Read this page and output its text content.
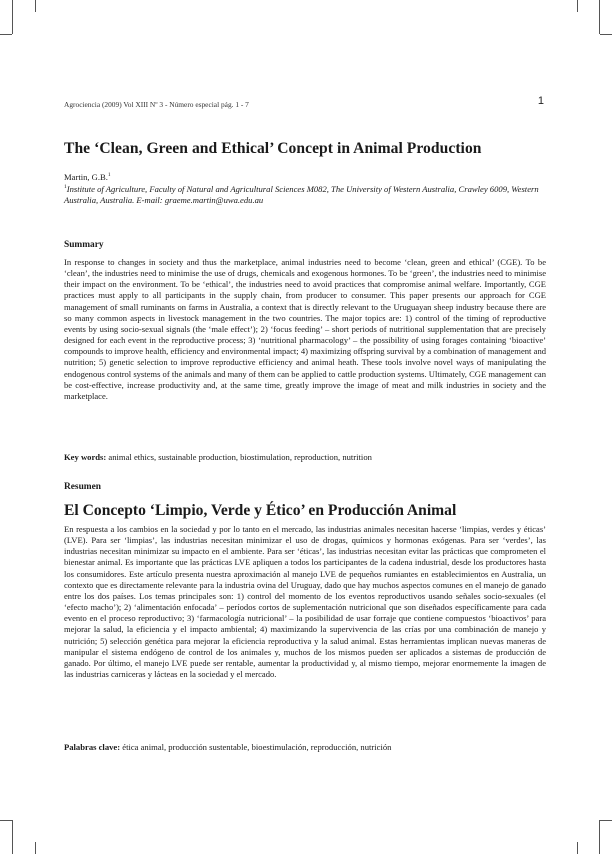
Agrociencia (2009) Vol XIII Nº 3 - Número especial pág. 1 - 7	1
The ‘Clean, Green and Ethical’ Concept in Animal Production
Martin, G.B.$^1$
$^1$Institute of Agriculture, Faculty of Natural and Agricultural Sciences M082, The University of Western Australia, Crawley 6009, Western Australia, Australia. E-mail: graeme.martin@uwa.edu.au
Summary

In response to changes in society and thus the marketplace, animal industries need to become ‘clean, green and ethical’ (CGE). To be ‘clean’, the industries need to minimise the use of drugs, chemicals and exogenous hormones. To be ‘green’, the industries need to minimise their impact on the environment. To be ‘ethical’, the industries need to avoid practices that compromise animal welfare. Importantly, CGE practices must apply to all participants in the supply chain, from producer to consumer. This paper presents our approach for CGE management of small ruminants on farms in Australia, a context that is directly relevant to the Uruguayan sheep industry because there are so many common aspects in livestock management in the two countries. The major topics are: 1) control of the timing of reproductive events by using socio-sexual signals (the ‘male effect’); 2) ‘focus feeding’ – short periods of nutritional supplementation that are precisely designed for each event in the reproductive process; 3) ‘nutritional pharmacology’ – the possibility of using forages containing ‘bioactive’ compounds to improve health, efficiency and environmental impact; 4) maximizing offspring survival by a combination of management and nutrition; 5) genetic selection to improve reproductive efficiency and animal heath. These tools involve novel ways of manipulating the endogenous control systems of the animals and many of them can be applied to cattle production systems. Ultimately, CGE management can be cost-effective, increase productivity and, at the same time, greatly improve the image of meat and milk industries in society and the marketplace.

Key words: animal ethics, sustainable production, biostimulation, reproduction, nutrition

Resumen
El Concepto ‘Limpio, Verde y Ético’ en Producción Animal

En respuesta a los cambios en la sociedad y por lo tanto en el mercado, las industrias animales necesitan hacerse ‘limpias, verdes y éticas’ (LVE). Para ser ‘limpias’, las industrias necesitan minimizar el uso de drogas, químicos y hormonas exógenas. Para ser ‘verdes’, las industrias necesitan minimizar su impacto en el ambiente. Para ser ‘éticas’, las industrias necesitan evitar las prácticas que comprometen el bienestar animal. Es importante que las prácticas LVE apliquen a todos los participantes de la cadena industrial, desde los productores hasta los consumidores. Este artículo presenta nuestra aproximación al manejo LVE de pequeños rumiantes en establecimientos en Australia, un contexto que es directamente relevante para la industria ovina del Uruguay, dado que hay muchos aspectos comunes en el manejo de ganado entre los dos países. Los temas principales son: 1) control del momento de los eventos reproductivos usando señales socio-sexuales (el ‘efecto macho’); 2) ‘alimentación enfocada’ – períodos cortos de suplementación nutricional que son diseñados específicamente para cada evento en el proceso reproductivo; 3) ‘farmacología nutricional’ – la posibilidad de usar forraje que contiene compuestos ‘bioactivos’ para mejorar la salud, la eficiencia y el impacto ambiental; 4) maximizando la supervivencia de las crías por una combinación de manejo y nutrición; 5) selección genética para mejorar la eficiencia reproductiva y la salud animal. Estas herramientas implican nuevas maneras de manipular el sistema endógeno de control de los animales y, muchos de los mismos pueden ser aplicados a sistemas de producción de ganado. Por último, el manejo LVE puede ser rentable, aumentar la productividad y, al mismo tiempo, mejorar enormemente la imagen de las industrias carniceras y lácteas en la sociedad y el mercado.

Palabras clave: ética animal, producción sustentable, bioestimulación, reproducción, nutrición
